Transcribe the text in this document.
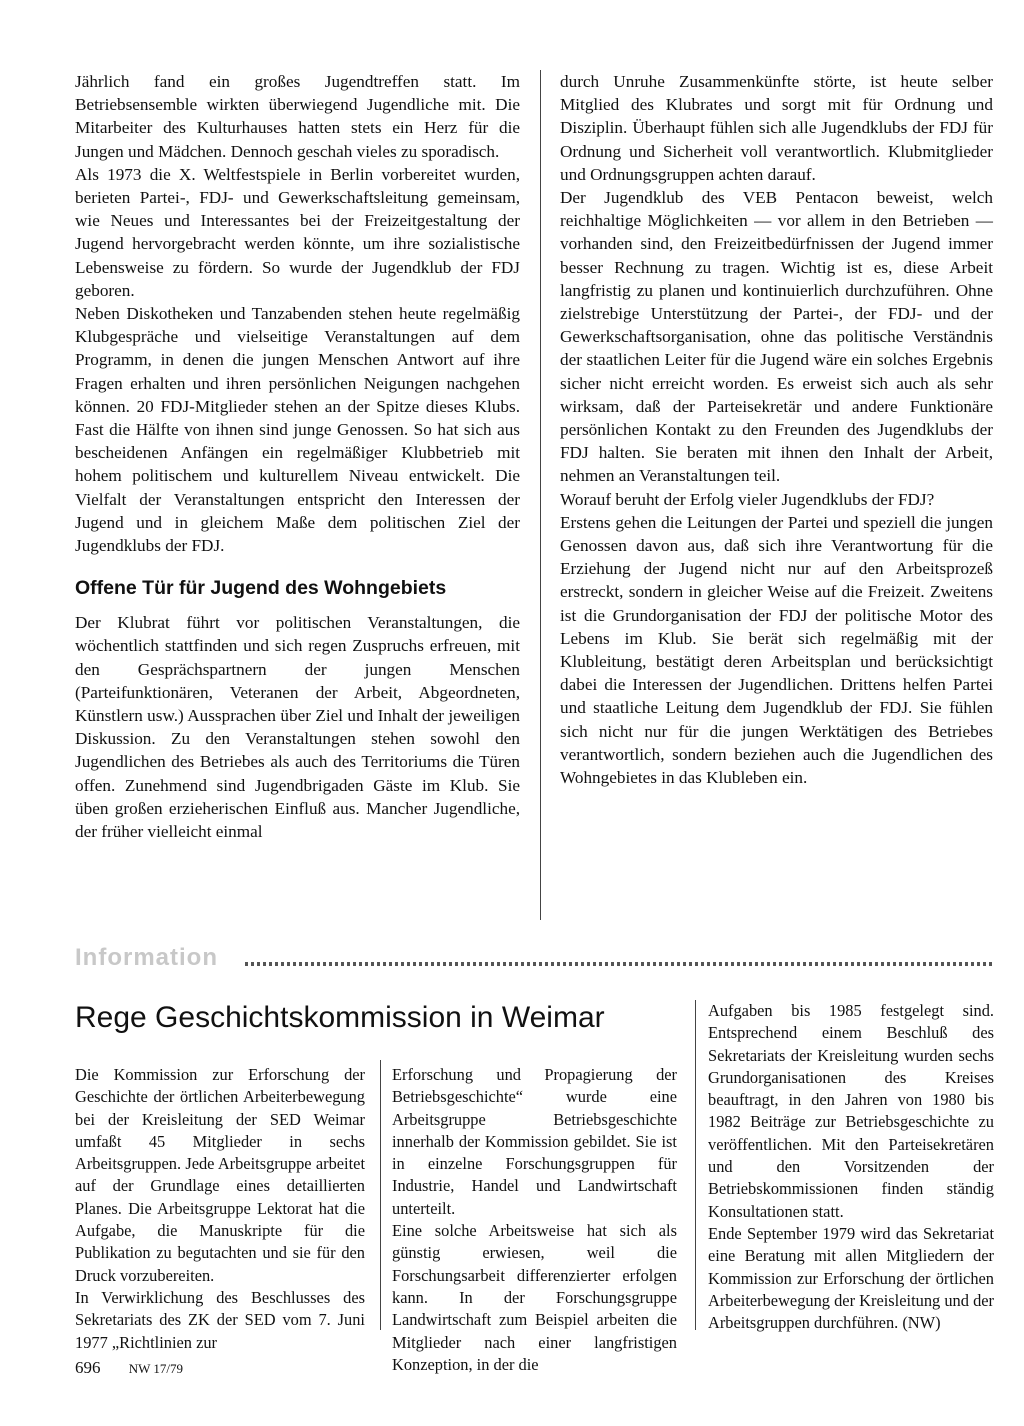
Jährlich fand ein großes Jugendtreffen statt. Im Betriebsensemble wirkten überwiegend Jugendliche mit. Die Mitarbeiter des Kulturhauses hatten stets ein Herz für die Jungen und Mädchen. Dennoch geschah vieles zu sporadisch.

Als 1973 die X. Weltfestspiele in Berlin vorbereitet wurden, berieten Partei-, FDJ- und Gewerkschaftsleitung gemeinsam, wie Neues und Interessantes bei der Freizeitgestaltung der Jugend hervorgebracht werden könnte, um ihre sozialistische Lebensweise zu fördern. So wurde der Jugendklub der FDJ geboren.

Neben Diskotheken und Tanzabenden stehen heute regelmäßig Klubgespräche und vielseitige Veranstaltungen auf dem Programm, in denen die jungen Menschen Antwort auf ihre Fragen erhalten und ihren persönlichen Neigungen nachgehen können. 20 FDJ-Mitglieder stehen an der Spitze dieses Klubs. Fast die Hälfte von ihnen sind junge Genossen. So hat sich aus bescheidenen Anfängen ein regelmäßiger Klubbetrieb mit hohem politischem und kulturellem Niveau entwickelt. Die Vielfalt der Veranstaltungen entspricht den Interessen der Jugend und in gleichem Maße dem politischen Ziel der Jugendklubs der FDJ.

Offene Tür für Jugend des Wohngebiets

Der Klubrat führt vor politischen Veranstaltungen, die wöchentlich stattfinden und sich regen Zuspruchs erfreuen, mit den Gesprächspartnern der jungen Menschen (Parteifunktionären, Veteranen der Arbeit, Abgeordneten, Künstlern usw.) Aussprachen über Ziel und Inhalt der jeweiligen Diskussion. Zu den Veranstaltungen stehen sowohl den Jugendlichen des Betriebes als auch des Territoriums die Türen offen. Zunehmend sind Jugendbrigaden Gäste im Klub. Sie üben großen erzieherischen Einfluß aus. Mancher Jugendliche, der früher vielleicht einmal

durch Unruhe Zusammenkünfte störte, ist heute selber Mitglied des Klubrates und sorgt mit für Ordnung und Disziplin. Überhaupt fühlen sich alle Jugendklubs der FDJ für Ordnung und Sicherheit voll verantwortlich. Klubmitglieder und Ordnungsgruppen achten darauf.

Der Jugendklub des VEB Pentacon beweist, welch reichhaltige Möglichkeiten — vor allem in den Betrieben — vorhanden sind, den Freizeitbedürfnissen der Jugend immer besser Rechnung zu tragen. Wichtig ist es, diese Arbeit langfristig zu planen und kontinuierlich durchzuführen. Ohne zielstrebige Unterstützung der Partei-, der FDJ- und der Gewerkschaftsorganisation, ohne das politische Verständnis der staatlichen Leiter für die Jugend wäre ein solches Ergebnis sicher nicht erreicht worden. Es erweist sich auch als sehr wirksam, daß der Parteisekretär und andere Funktionäre persönlichen Kontakt zu den Freunden des Jugendklubs der FDJ halten. Sie beraten mit ihnen den Inhalt der Arbeit, nehmen an Veranstaltungen teil.

Worauf beruht der Erfolg vieler Jugendklubs der FDJ?

Erstens gehen die Leitungen der Partei und speziell die jungen Genossen davon aus, daß sich ihre Verantwortung für die Erziehung der Jugend nicht nur auf den Arbeitsprozeß erstreckt, sondern in gleicher Weise auf die Freizeit. Zweitens ist die Grundorganisation der FDJ der politische Motor des Lebens im Klub. Sie berät sich regelmäßig mit der Klubleitung, bestätigt deren Arbeitsplan und berücksichtigt dabei die Interessen der Jugendlichen. Drittens helfen Partei und staatliche Leitung dem Jugendklub der FDJ. Sie fühlen sich nicht nur für die jungen Werktätigen des Betriebes verantwortlich, sondern beziehen auch die Jugendlichen des Wohngebietes in das Klubleben ein.

Information
Rege Geschichtskommission in Weimar

Die Kommission zur Erforschung der Geschichte der örtlichen Arbeiterbewegung bei der Kreisleitung der SED Weimar umfaßt 45 Mitglieder in sechs Arbeitsgruppen. Jede Arbeitsgruppe arbeitet auf der Grundlage eines detaillierten Planes. Die Arbeitsgruppe Lektorat hat die Aufgabe, die Manuskripte für die Publikation zu begutachten und sie für den Druck vorzubereiten.

In Verwirklichung des Beschlusses des Sekretariats des ZK der SED vom 7. Juni 1977 „Richtlinien zur

Erforschung und Propagierung der Betriebsgeschichte“ wurde eine Arbeitsgruppe Betriebsgeschichte innerhalb der Kommission gebildet. Sie ist in einzelne Forschungsgruppen für Industrie, Handel und Landwirtschaft unterteilt.

Eine solche Arbeitsweise hat sich als günstig erwiesen, weil die Forschungsarbeit differenzierter erfolgen kann. In der Forschungsgruppe Landwirtschaft zum Beispiel arbeiten die Mitglieder nach einer langfristigen Konzeption, in der die

Aufgaben bis 1985 festgelegt sind. Entsprechend einem Beschluß des Sekretariats der Kreisleitung wurden sechs Grundorganisationen des Kreises beauftragt, in den Jahren von 1980 bis 1982 Beiträge zur Betriebsgeschichte zu veröffentlichen. Mit den Parteisekretären und den Vorsitzenden der Betriebskommissionen finden ständig Konsultationen statt.

Ende September 1979 wird das Sekretariat eine Beratung mit allen Mitgliedern der Kommission zur Erforschung der örtlichen Arbeiterbewegung der Kreisleitung und der Arbeitsgruppen durchführen. (NW)

696 NW 17/79
